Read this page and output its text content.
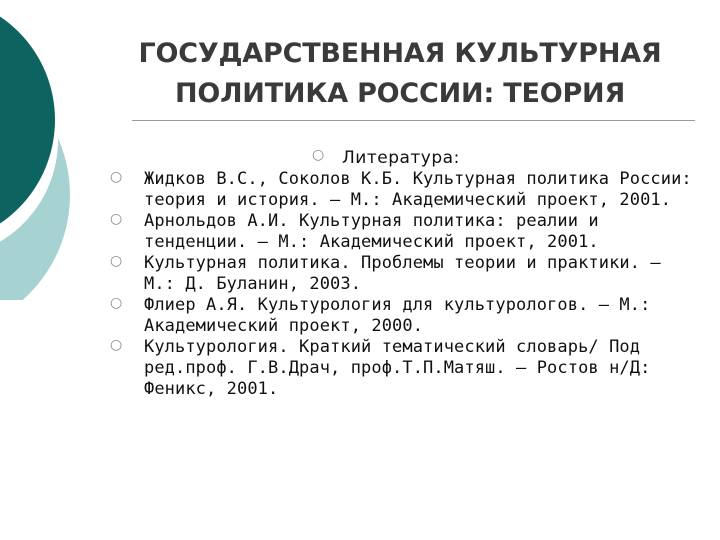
ГОСУДАРСТВЕННАЯ КУЛЬТУРНАЯ
ПОЛИТИКА РОССИИ: ТЕОРИЯ
○ Литература:
○ Жидков В.С., Соколов К.Б. Культурная политика России: теория и история. – М.: Академический проект, 2001.
○ Арнольдов А.И. Культурная политика: реалии и тенденции. – М.: Академический проект, 2001.
○ Культурная политика. Проблемы теории и практики. – М.: Д. Буланин, 2003.
○ Флиер А.Я. Культурология для культурологов. – М.: Академический проект, 2000.
○ Культурология. Краткий тематический словарь/ Под ред.проф. Г.В.Драч, проф.Т.П.Матяш. – Ростов н/Д: Феникс, 2001.
